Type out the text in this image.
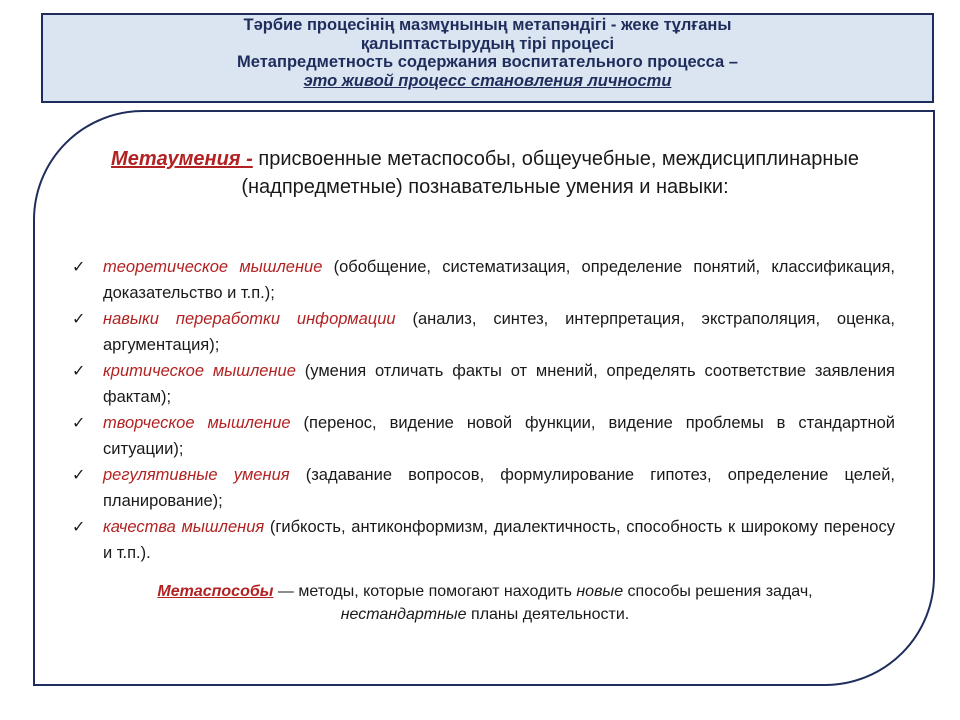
Тәрбие процесінің мазмұнының метапәндігі - жеке тұлғаны
қалыптастырудың тірі процесі
Метапредметность содержания воспитательного процесса –
это живой процесс становления личности
Метаумения - присвоенные метаспособы, общеучебные, междисциплинарные (надпредметные) познавательные умения и навыки:
✓ теоретическое мышление (обобщение, систематизация, определение понятий, классификация, доказательство и т.п.);
✓ навыки переработки информации (анализ, синтез, интерпретация, экстраполяция, оценка, аргументация);
✓ критическое мышление (умения отличать факты от мнений, определять соответствие заявления фактам);
✓ творческое мышление (перенос, видение новой функции, видение проблемы в стандартной ситуации);
✓ регулятивные умения (задавание вопросов, формулирование гипотез, определение целей, планирование);
✓ качества мышления (гибкость, антиконформизм, диалектичность, способность к широкому переносу и т.п.).
Метаспособы — методы, которые помогают находить новые способы решения задач,
нестандартные планы деятельности.
